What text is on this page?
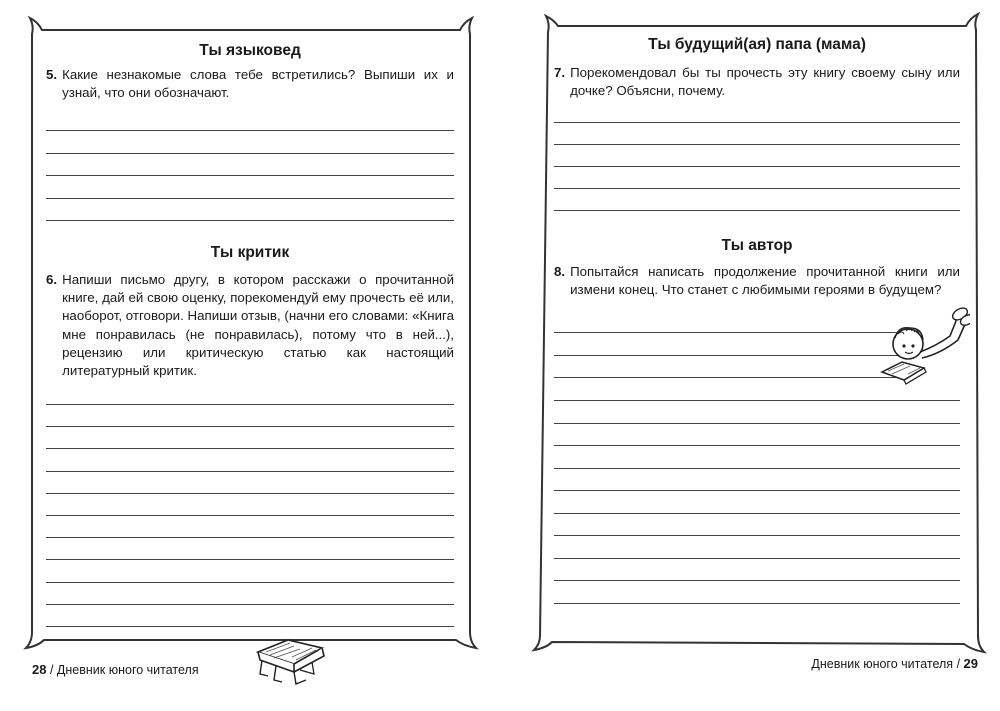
Ты языковед
5. Какие незнакомые слова тебе встретились? Выпиши их и узнай, что они обозначают.
Ты критик
6. Напиши письмо другу, в котором расскажи о прочитанной книге, дай ей свою оценку, порекомендуй ему прочесть её или, наоборот, отговори. Напиши отзыв, (начни его словами: «Книга мне понравилась (не понравилась), потому что в ней...), рецензию или критическую статью как настоящий литературный критик.
28 / Дневник юного читателя
Ты будущий(ая) папа (мама)
7. Порекомендовал бы ты прочесть эту книгу своему сыну или дочке? Объясни, почему.
Ты автор
8. Попытайся написать продолжение прочитанной книги или измени конец. Что станет с любимыми героями в будущем?
Дневник юного читателя / 29
